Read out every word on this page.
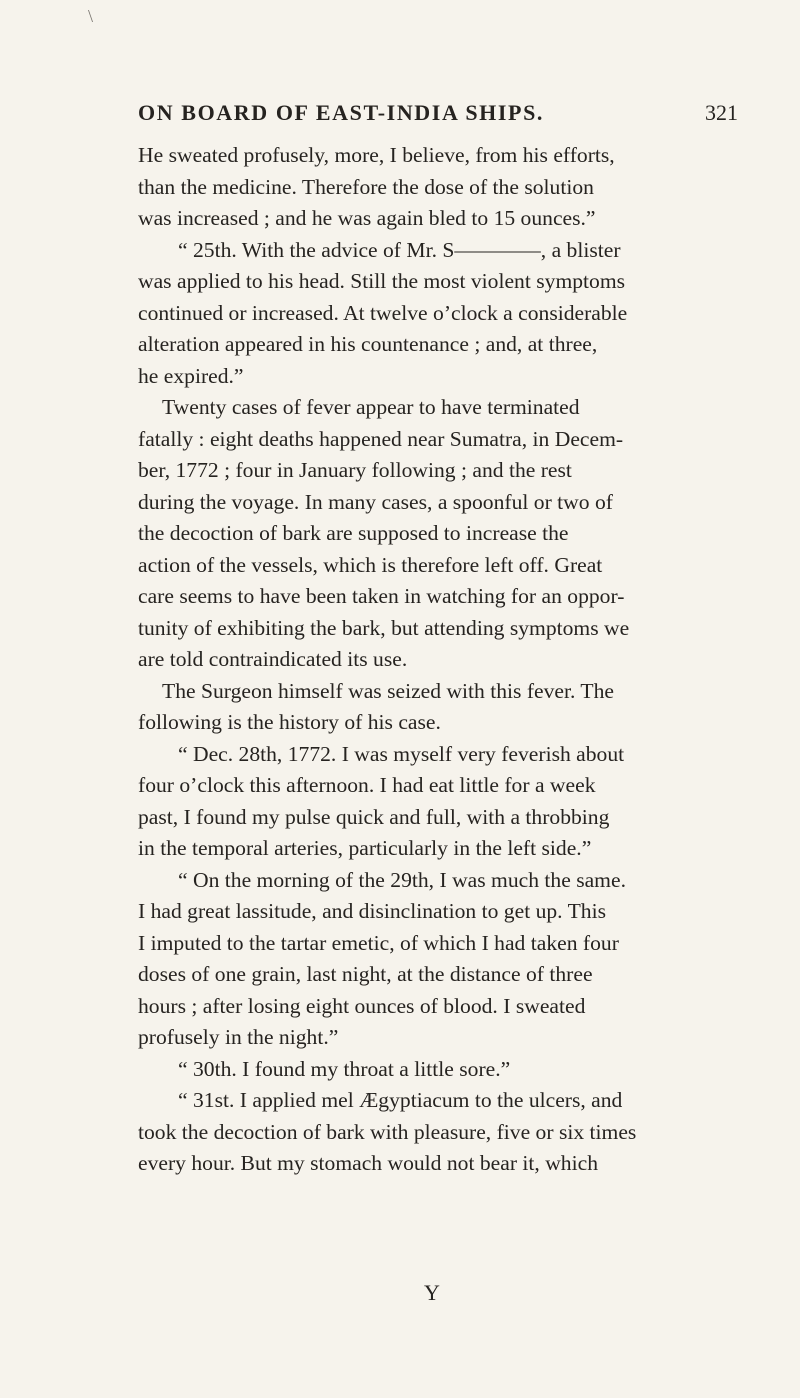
\
ON BOARD OF EAST-INDIA SHIPS.	321
He sweated profusely, more, I believe, from his efforts,
than the medicine. Therefore the dose of the solution
was increased ; and he was again bled to 15 ounces.”
“ 25th. With the advice of Mr. S————, a blister
was applied to his head. Still the most violent symptoms
continued or increased. At twelve o’clock a considerable
alteration appeared in his countenance ; and, at three,
he expired.”
Twenty cases of fever appear to have terminated
fatally : eight deaths happened near Sumatra, in Decem-
ber, 1772 ; four in January following ; and the rest
during the voyage. In many cases, a spoonful or two of
the decoction of bark are supposed to increase the
action of the vessels, which is therefore left off. Great
care seems to have been taken in watching for an oppor-
tunity of exhibiting the bark, but attending symptoms we
are told contraindicated its use.
The Surgeon himself was seized with this fever. The
following is the history of his case.
“ Dec. 28th, 1772. I was myself very feverish about
four o’clock this afternoon. I had eat little for a week
past, I found my pulse quick and full, with a throbbing
in the temporal arteries, particularly in the left side.”
“ On the morning of the 29th, I was much the same.
I had great lassitude, and disinclination to get up. This
I imputed to the tartar emetic, of which I had taken four
doses of one grain, last night, at the distance of three
hours ; after losing eight ounces of blood. I sweated
profusely in the night.”
“ 30th. I found my throat a little sore.”
“ 31st. I applied mel Ægyptiacum to the ulcers, and
took the decoction of bark with pleasure, five or six times
every hour. But my stomach would not bear it, which
Y
